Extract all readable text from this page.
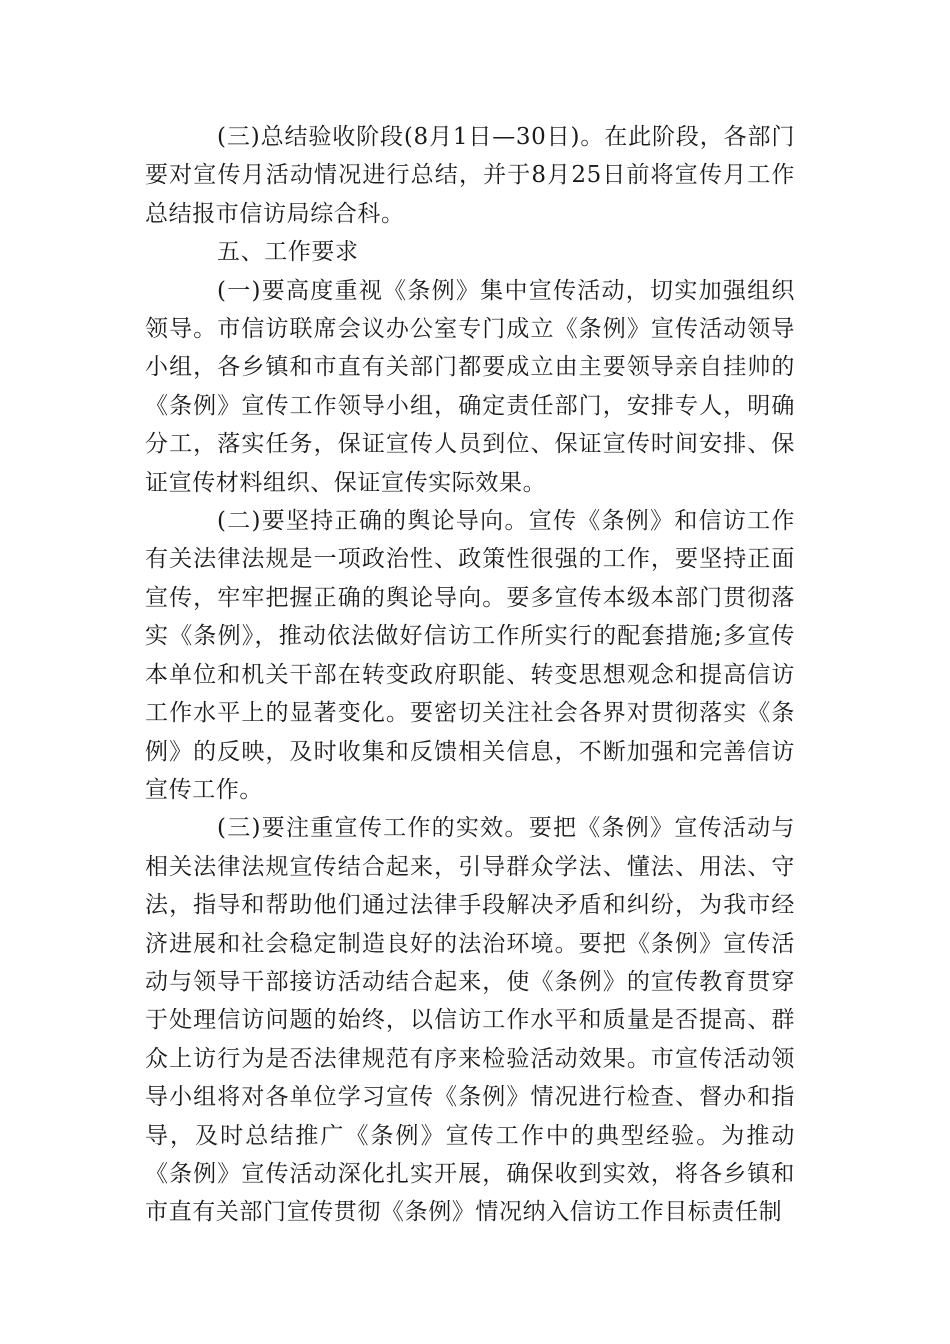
(三)总结验收阶段(8月1日—30日)。在此阶段，各部门要对宣传月活动情况进行总结，并于8月25日前将宣传月工作总结报市信访局综合科。

五、工作要求

(一)要高度重视《条例》集中宣传活动，切实加强组织领导。市信访联席会议办公室专门成立《条例》宣传活动领导小组，各乡镇和市直有关部门都要成立由主要领导亲自挂帅的《条例》宣传工作领导小组，确定责任部门，安排专人，明确分工，落实任务，保证宣传人员到位、保证宣传时间安排、保证宣传材料组织、保证宣传实际效果。

(二)要坚持正确的舆论导向。宣传《条例》和信访工作有关法律法规是一项政治性、政策性很强的工作，要坚持正面宣传，牢牢把握正确的舆论导向。要多宣传本级本部门贯彻落实《条例》，推动依法做好信访工作所实行的配套措施;多宣传本单位和机关干部在转变政府职能、转变思想观念和提高信访工作水平上的显著变化。要密切关注社会各界对贯彻落实《条例》的反映，及时收集和反馈相关信息，不断加强和完善信访宣传工作。

(三)要注重宣传工作的实效。要把《条例》宣传活动与相关法律法规宣传结合起来，引导群众学法、懂法、用法、守法，指导和帮助他们通过法律手段解决矛盾和纠纷，为我市经济进展和社会稳定制造良好的法治环境。要把《条例》宣传活动与领导干部接访活动结合起来，使《条例》的宣传教育贯穿于处理信访问题的始终，以信访工作水平和质量是否提高、群众上访行为是否法律规范有序来检验活动效果。市宣传活动领导小组将对各单位学习宣传《条例》情况进行检查、督办和指导，及时总结推广《条例》宣传工作中的典型经验。为推动《条例》宣传活动深化扎实开展，确保收到实效，将各乡镇和市直有关部门宣传贯彻《条例》情况纳入信访工作目标责任制
